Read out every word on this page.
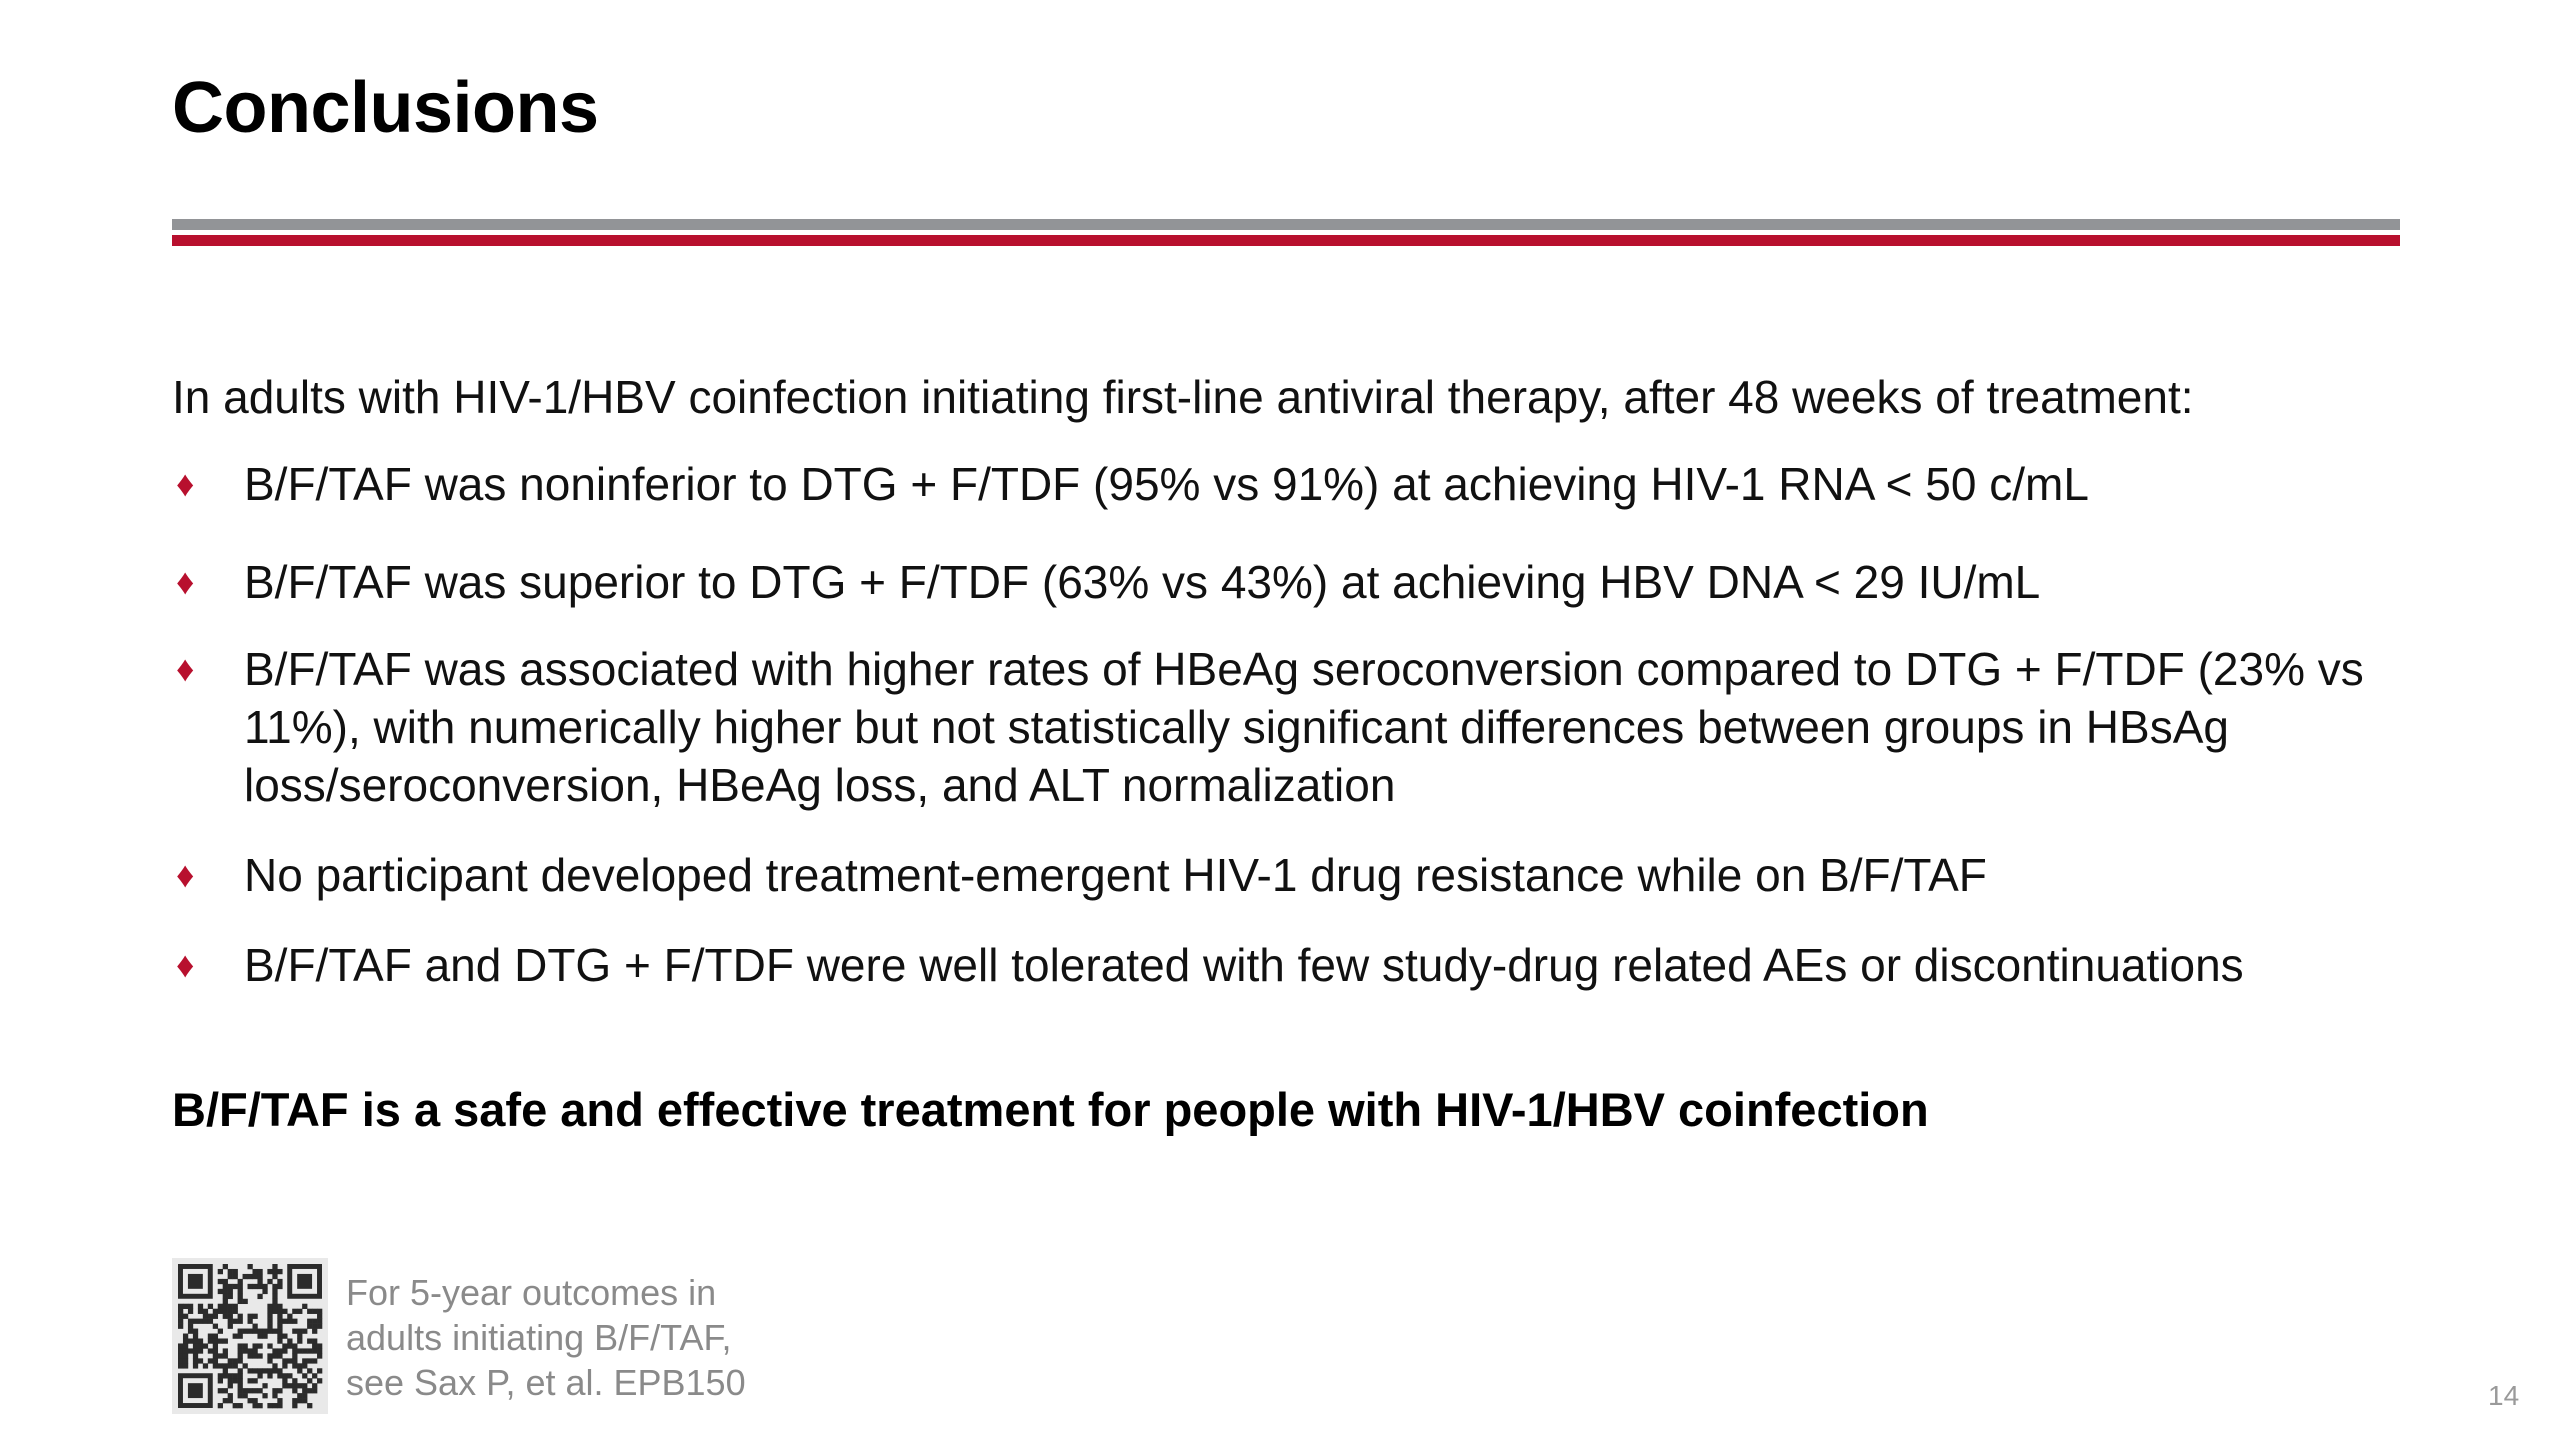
Conclusions
In adults with HIV-1/HBV coinfection initiating first-line antiviral therapy, after 48 weeks of treatment:
♦ B/F/TAF was noninferior to DTG + F/TDF (95% vs 91%) at achieving HIV-1 RNA < 50 c/mL
♦ B/F/TAF was superior to DTG + F/TDF (63% vs 43%) at achieving HBV DNA < 29 IU/mL
♦ B/F/TAF was associated with higher rates of HBeAg seroconversion compared to DTG + F/TDF (23% vs 11%), with numerically higher but not statistically significant differences between groups in HBsAg loss/seroconversion, HBeAg loss, and ALT normalization
♦ No participant developed treatment-emergent HIV-1 drug resistance while on B/F/TAF
♦ B/F/TAF and DTG + F/TDF were well tolerated with few study-drug related AEs or discontinuations
B/F/TAF is a safe and effective treatment for people with HIV-1/HBV coinfection
For 5-year outcomes in
adults initiating B/F/TAF,
see Sax P, et al. EPB150	14
